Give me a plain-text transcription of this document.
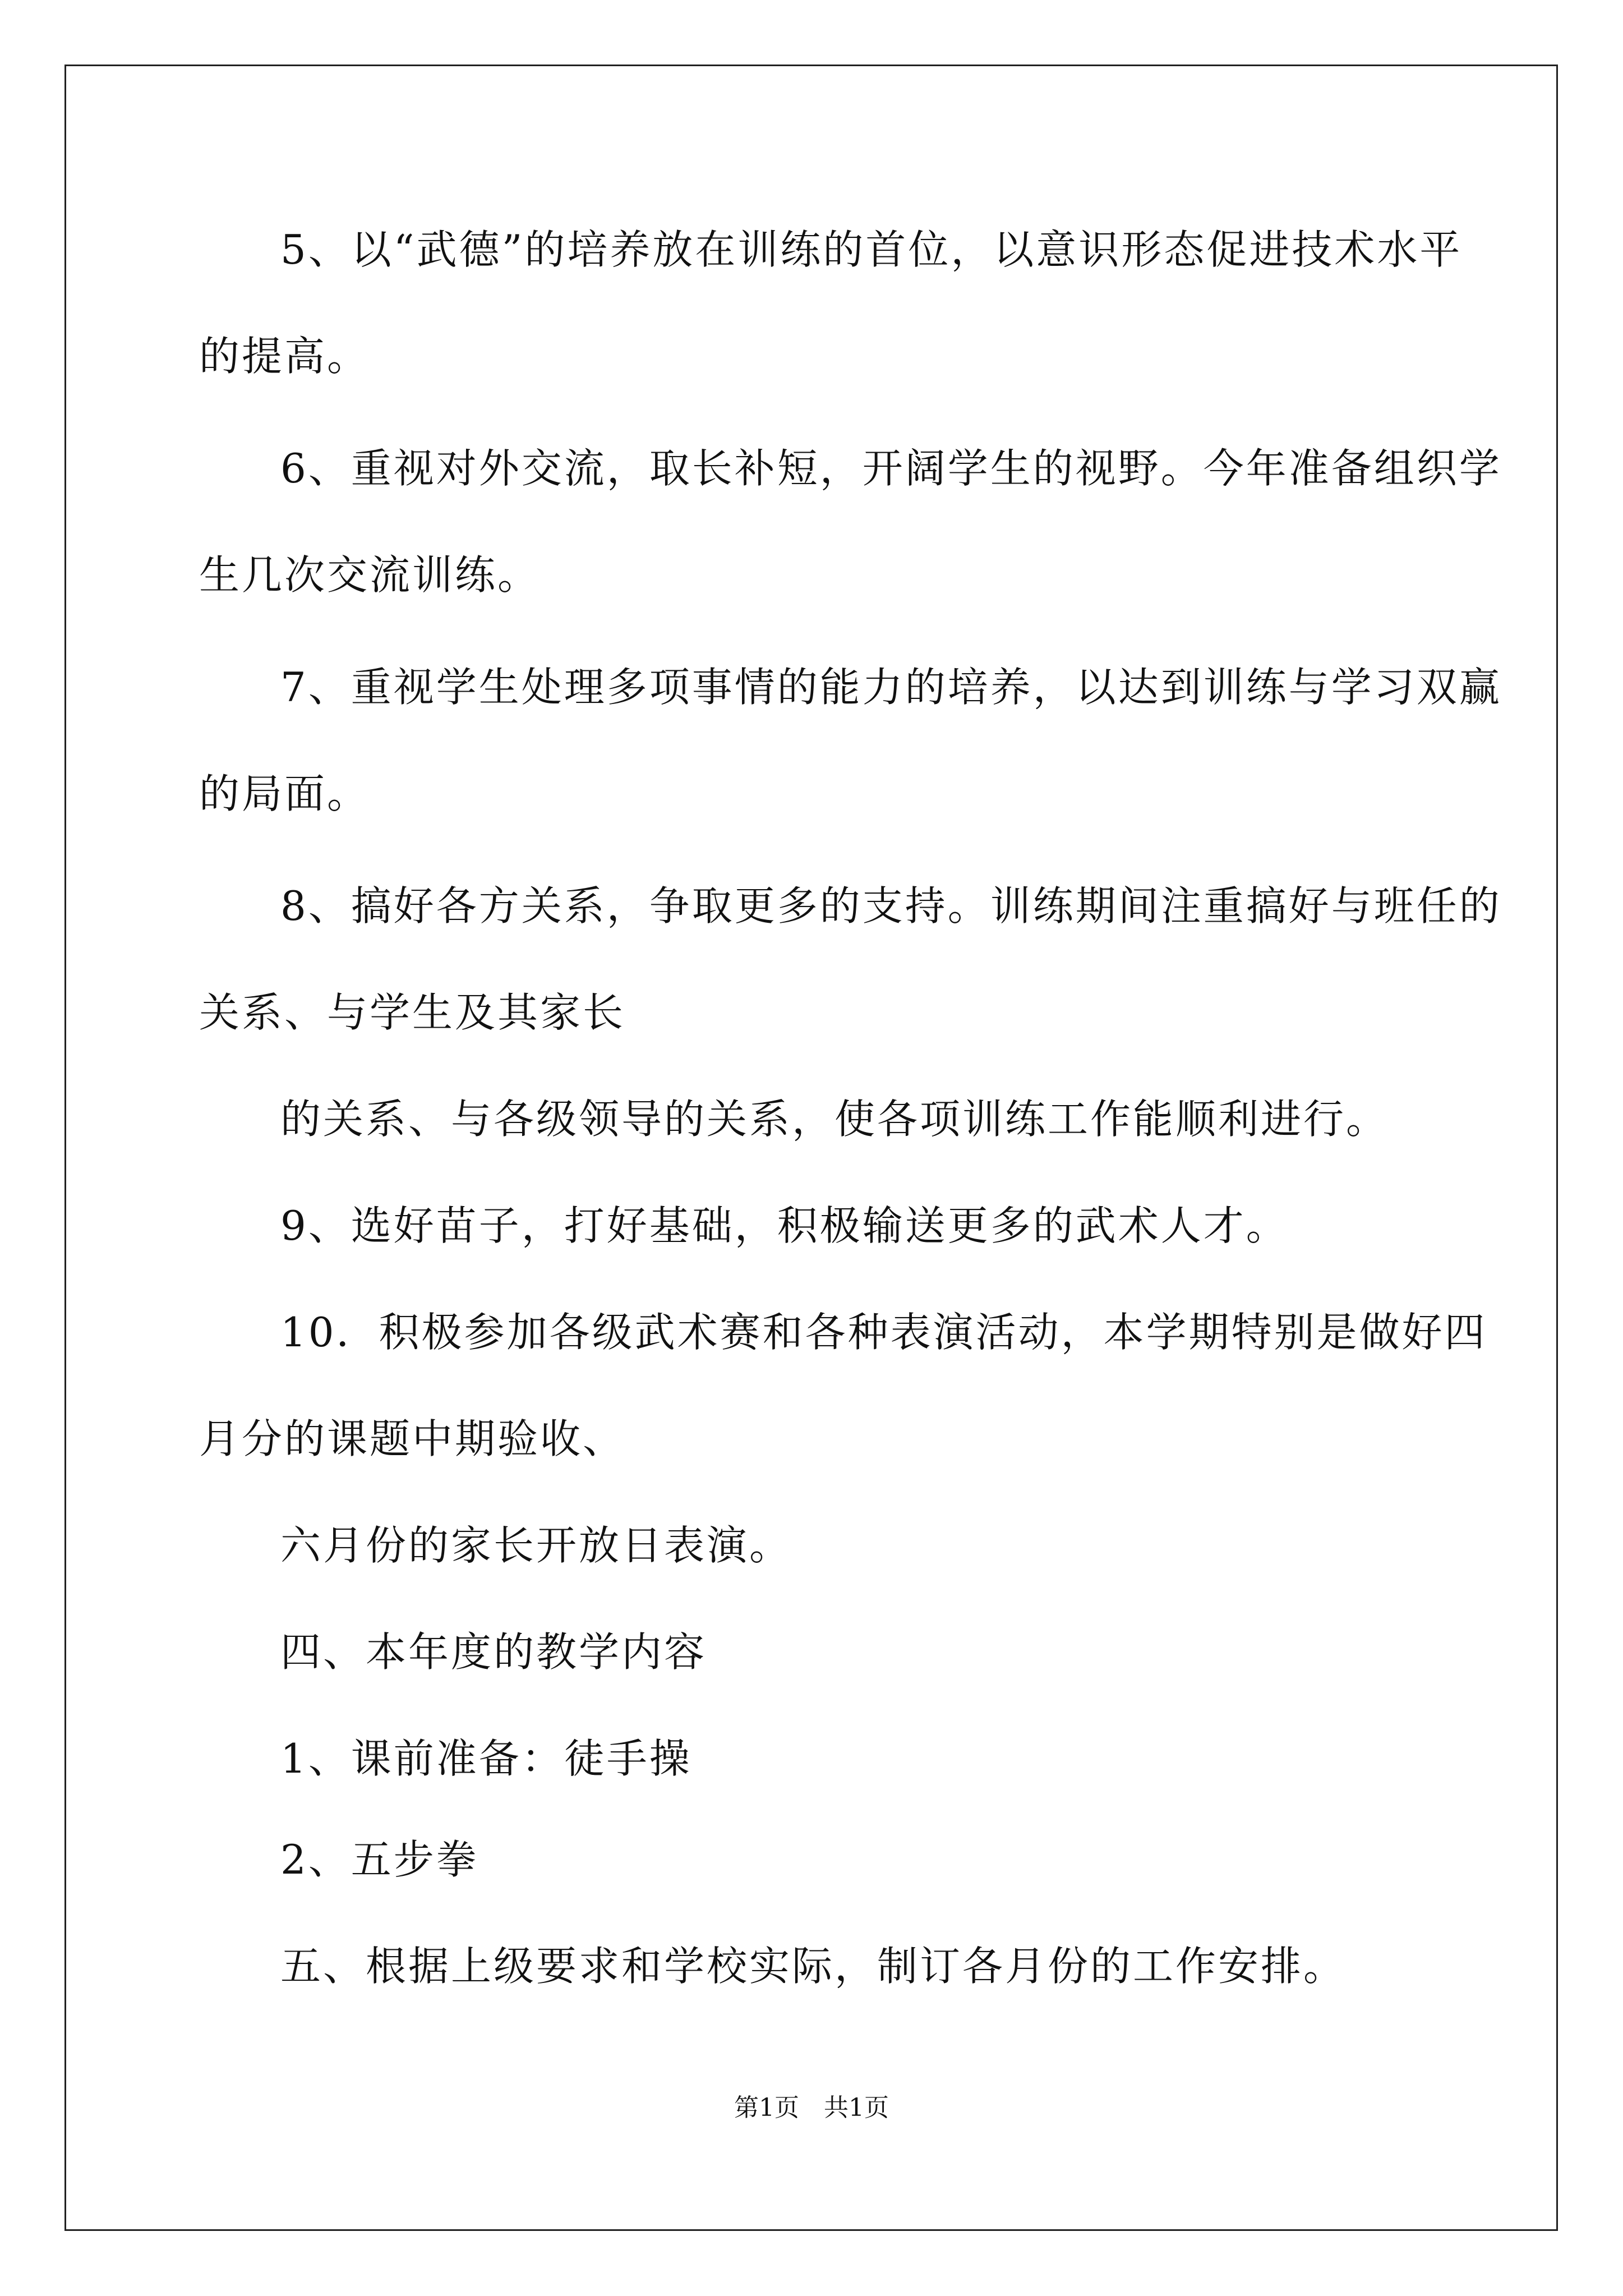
5、以“武德”的培养放在训练的首位，以意识形态促进技术水平
的提高。
6、重视对外交流，取长补短，开阔学生的视野。今年准备组织学
生几次交流训练。
7、重视学生处理多项事情的能力的培养，以达到训练与学习双赢
的局面。
8、搞好各方关系，争取更多的支持。训练期间注重搞好与班任的
关系、与学生及其家长
的关系、与各级领导的关系，使各项训练工作能顺利进行。
9、选好苗子，打好基础，积极输送更多的武术人才。
10．积极参加各级武术赛和各种表演活动，本学期特别是做好四
月分的课题中期验收、
六月份的家长开放日表演。
四、本年度的教学内容
1、课前准备：徒手操
2、五步拳
五、根据上级要求和学校实际，制订各月份的工作安排。
第1页　共1页
